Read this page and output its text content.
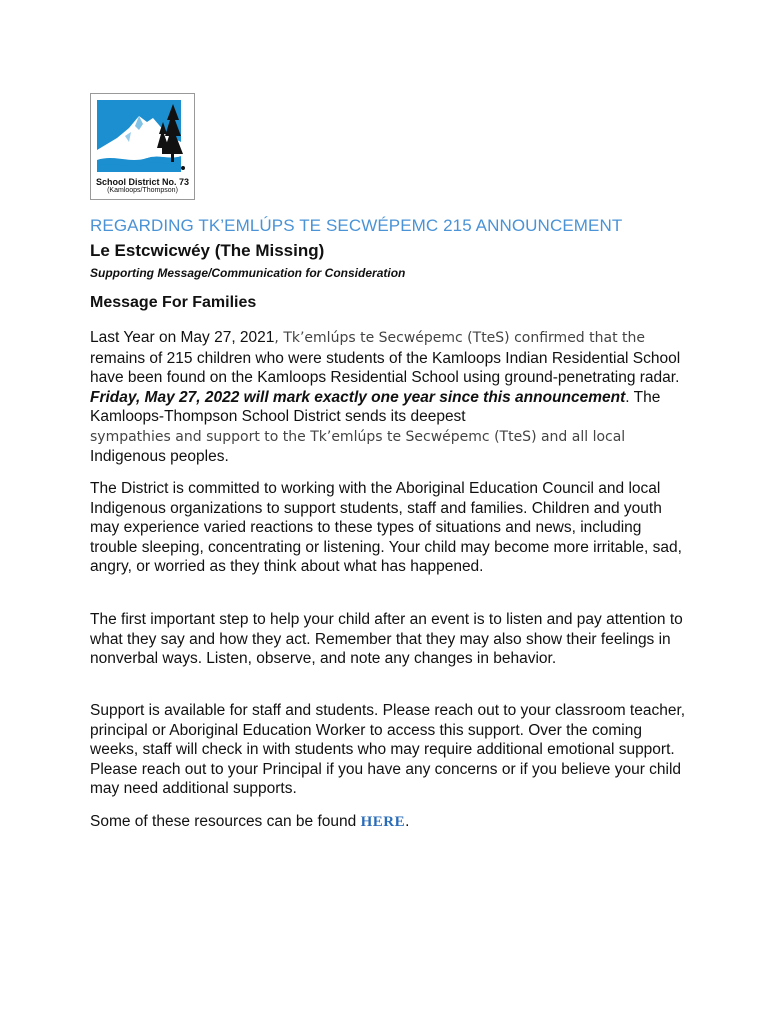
School District No. 73
(Kamloops/Thompson)
REGARDING TK’EMLÚPS TE SECWÉPEMC 215 ANNOUNCEMENT
Le Estcwicwéy (The Missing)
Supporting Message/Communication for Consideration
Message For Families

Last Year on May 27, 2021, Tk’emlúps te Secwépemc (TteS) confirmed that the remains of 215 children who were students of the Kamloops Indian Residential School have been found on the Kamloops Residential School using ground-penetrating radar. Friday, May 27, 2022 will mark exactly one year since this announcement. The Kamloops-Thompson School District sends its deepest
sympathies and support to the Tk’emlúps te Secwépemc (TteS) and all local
Indigenous peoples.

The District is committed to working with the Aboriginal Education Council and local Indigenous organizations to support students, staff and families. Children and youth may experience varied reactions to these types of situations and news, including trouble sleeping, concentrating or listening. Your child may become more irritable, sad, angry, or worried as they think about what has happened.

The first important step to help your child after an event is to listen and pay attention to what they say and how they act. Remember that they may also show their feelings in nonverbal ways. Listen, observe, and note any changes in behavior.

Support is available for staff and students. Please reach out to your classroom teacher, principal or Aboriginal Education Worker to access this support. Over the coming weeks, staff will check in with students who may require additional emotional support. Please reach out to your Principal if you have any concerns or if you believe your child may need additional supports.

Some of these resources can be found HERE.
